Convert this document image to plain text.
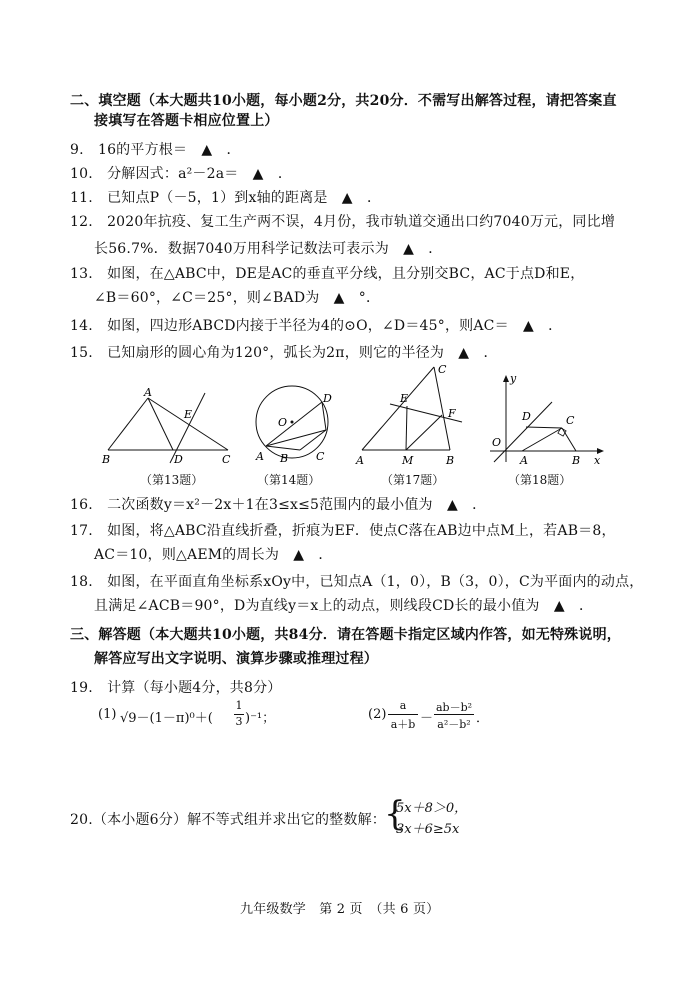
二、填空题（本大题共10小题，每小题2分，共20分．不需写出解答过程，请把答案直
接填写在答题卡相应位置上）
9.　16的平方根＝　▲　．
10.　分解因式：a²－2a＝　▲　．
11.　已知点P（－5，1）到x轴的距离是　▲　．
12.　2020年抗疫、复工生产两不误，4月份，我市轨道交通出口约7040万元，同比增
长56.7%．数据7040万用科学记数法可表示为　▲　．
13.　如图，在△ABC中，DE是AC的垂直平分线，且分别交BC，AC于点D和E，
∠B＝60°，∠C＝25°，则∠BAD为　▲　°．
14.　如图，四边形ABCD内接于半径为4的⊙O，∠D＝45°，则AC＝　▲　．
15.　已知扇形的圆心角为120°，弧长为2π，则它的半径为　▲　．
A
E
B	D	C
（第13题）
D
O
A B	C
（第14题）
C
E
F
A	M	B
（第17题）
y
D	C
O
A	B x
（第18题）
16.　二次函数y＝x²－2x＋1在3≤x≤5范围内的最小值为　▲　．
17.　如图，将△ABC沿直线折叠，折痕为EF．使点C落在AB边中点M上，若AB＝8，
AC＝10，则△AEM的周长为　▲　．
18.　如图，在平面直角坐标系xOy中，已知点A（1，0），B（3，0），C为平面内的动点，
且满足∠ACB＝90°，D为直线y＝x上的动点，则线段CD长的最小值为　▲　．
三、解答题（本大题共10小题，共84分．请在答题卡指定区域内作答，如无特殊说明，
解答应写出文字说明、演算步骤或推理过程）
19.　计算（每小题4分，共8分）
(1) √9－(1－π)⁰＋(
1
3 )⁻¹；	(2)
a
a＋b －
ab－b²
a²－b² ．
20.（本小题6分）解不等式组并求出它的整数解：
{
5x＋8＞0，
3x＋6≥5x
九年级数学　第 2 页　（共 6 页）
